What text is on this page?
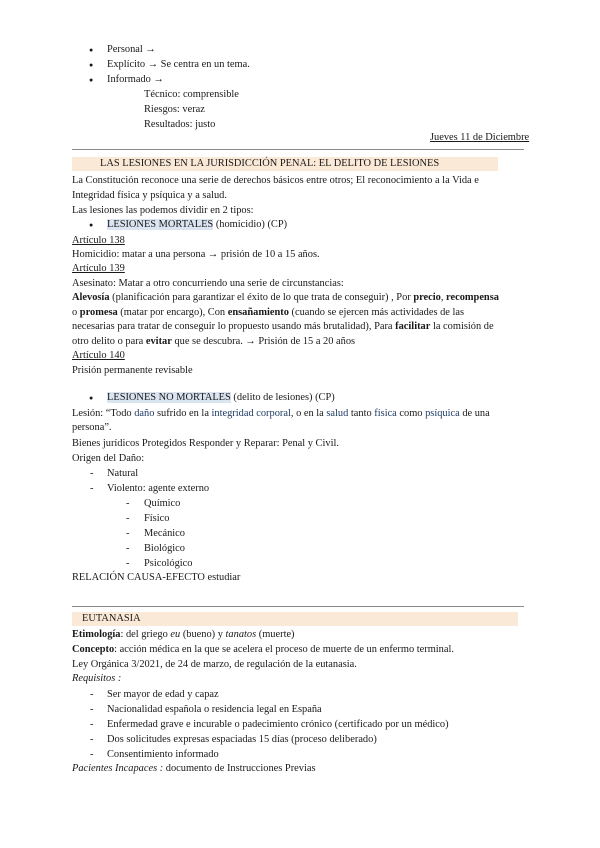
● Personal →
● Explícito → Se centra en un tema.
● Informado →
Técnico: comprensible
Riesgos: veraz
Resultados: justo
Jueves 11 de Diciembre
LAS LESIONES EN LA JURISDICCIÓN PENAL: EL DELITO DE LESIONES
La Constitución reconoce una serie de derechos básicos entre otros; El reconocimiento a la Vida e
Integridad física y psíquica y a salud.
Las lesiones las podemos dividir en 2 tipos:
● LESIONES MORTALES (homicidio) (CP)
Artículo 138
Homicidio: matar a una persona → prisión de 10 a 15 años.
Artículo 139
Asesinato: Matar a otro concurriendo una serie de circunstancias:
Alevosía (planificación para garantizar el éxito de lo que trata de conseguir) , Por precio, recompensa
o promesa (matar por encargo), Con ensañamiento (cuando se ejercen más actividades de las
necesarias para tratar de conseguir lo propuesto usando más brutalidad), Para facilitar la comisión de
otro delito o para evitar que se descubra. → Prisión de 15 a 20 años
Artículo 140
Prisión permanente revisable
● LESIONES NO MORTALES (delito de lesiones) (CP)
Lesión: “Todo daño sufrido en la integridad corporal, o en la salud tanto física como psíquica de una
persona”.
Bienes jurídicos Protegidos Responder y Reparar: Penal y Civil.
Origen del Daño:
- Natural
- Violento: agente externo
- Químico
- Físico
- Mecánico
- Biológico
- Psicológico
RELACIÓN CAUSA-EFECTO estudiar
EUTANASIA
Etimología: del griego eu (bueno) y tanatos (muerte)
Concepto: acción médica en la que se acelera el proceso de muerte de un enfermo terminal.
Ley Orgánica 3/2021, de 24 de marzo, de regulación de la eutanasia.
Requisitos :
- Ser mayor de edad y capaz
- Nacionalidad española o residencia legal en España
- Enfermedad grave e incurable o padecimiento crónico (certificado por un médico)
- Dos solicitudes expresas espaciadas 15 días (proceso deliberado)
- Consentimiento informado
Pacientes Incapaces : documento de Instrucciones Previas
